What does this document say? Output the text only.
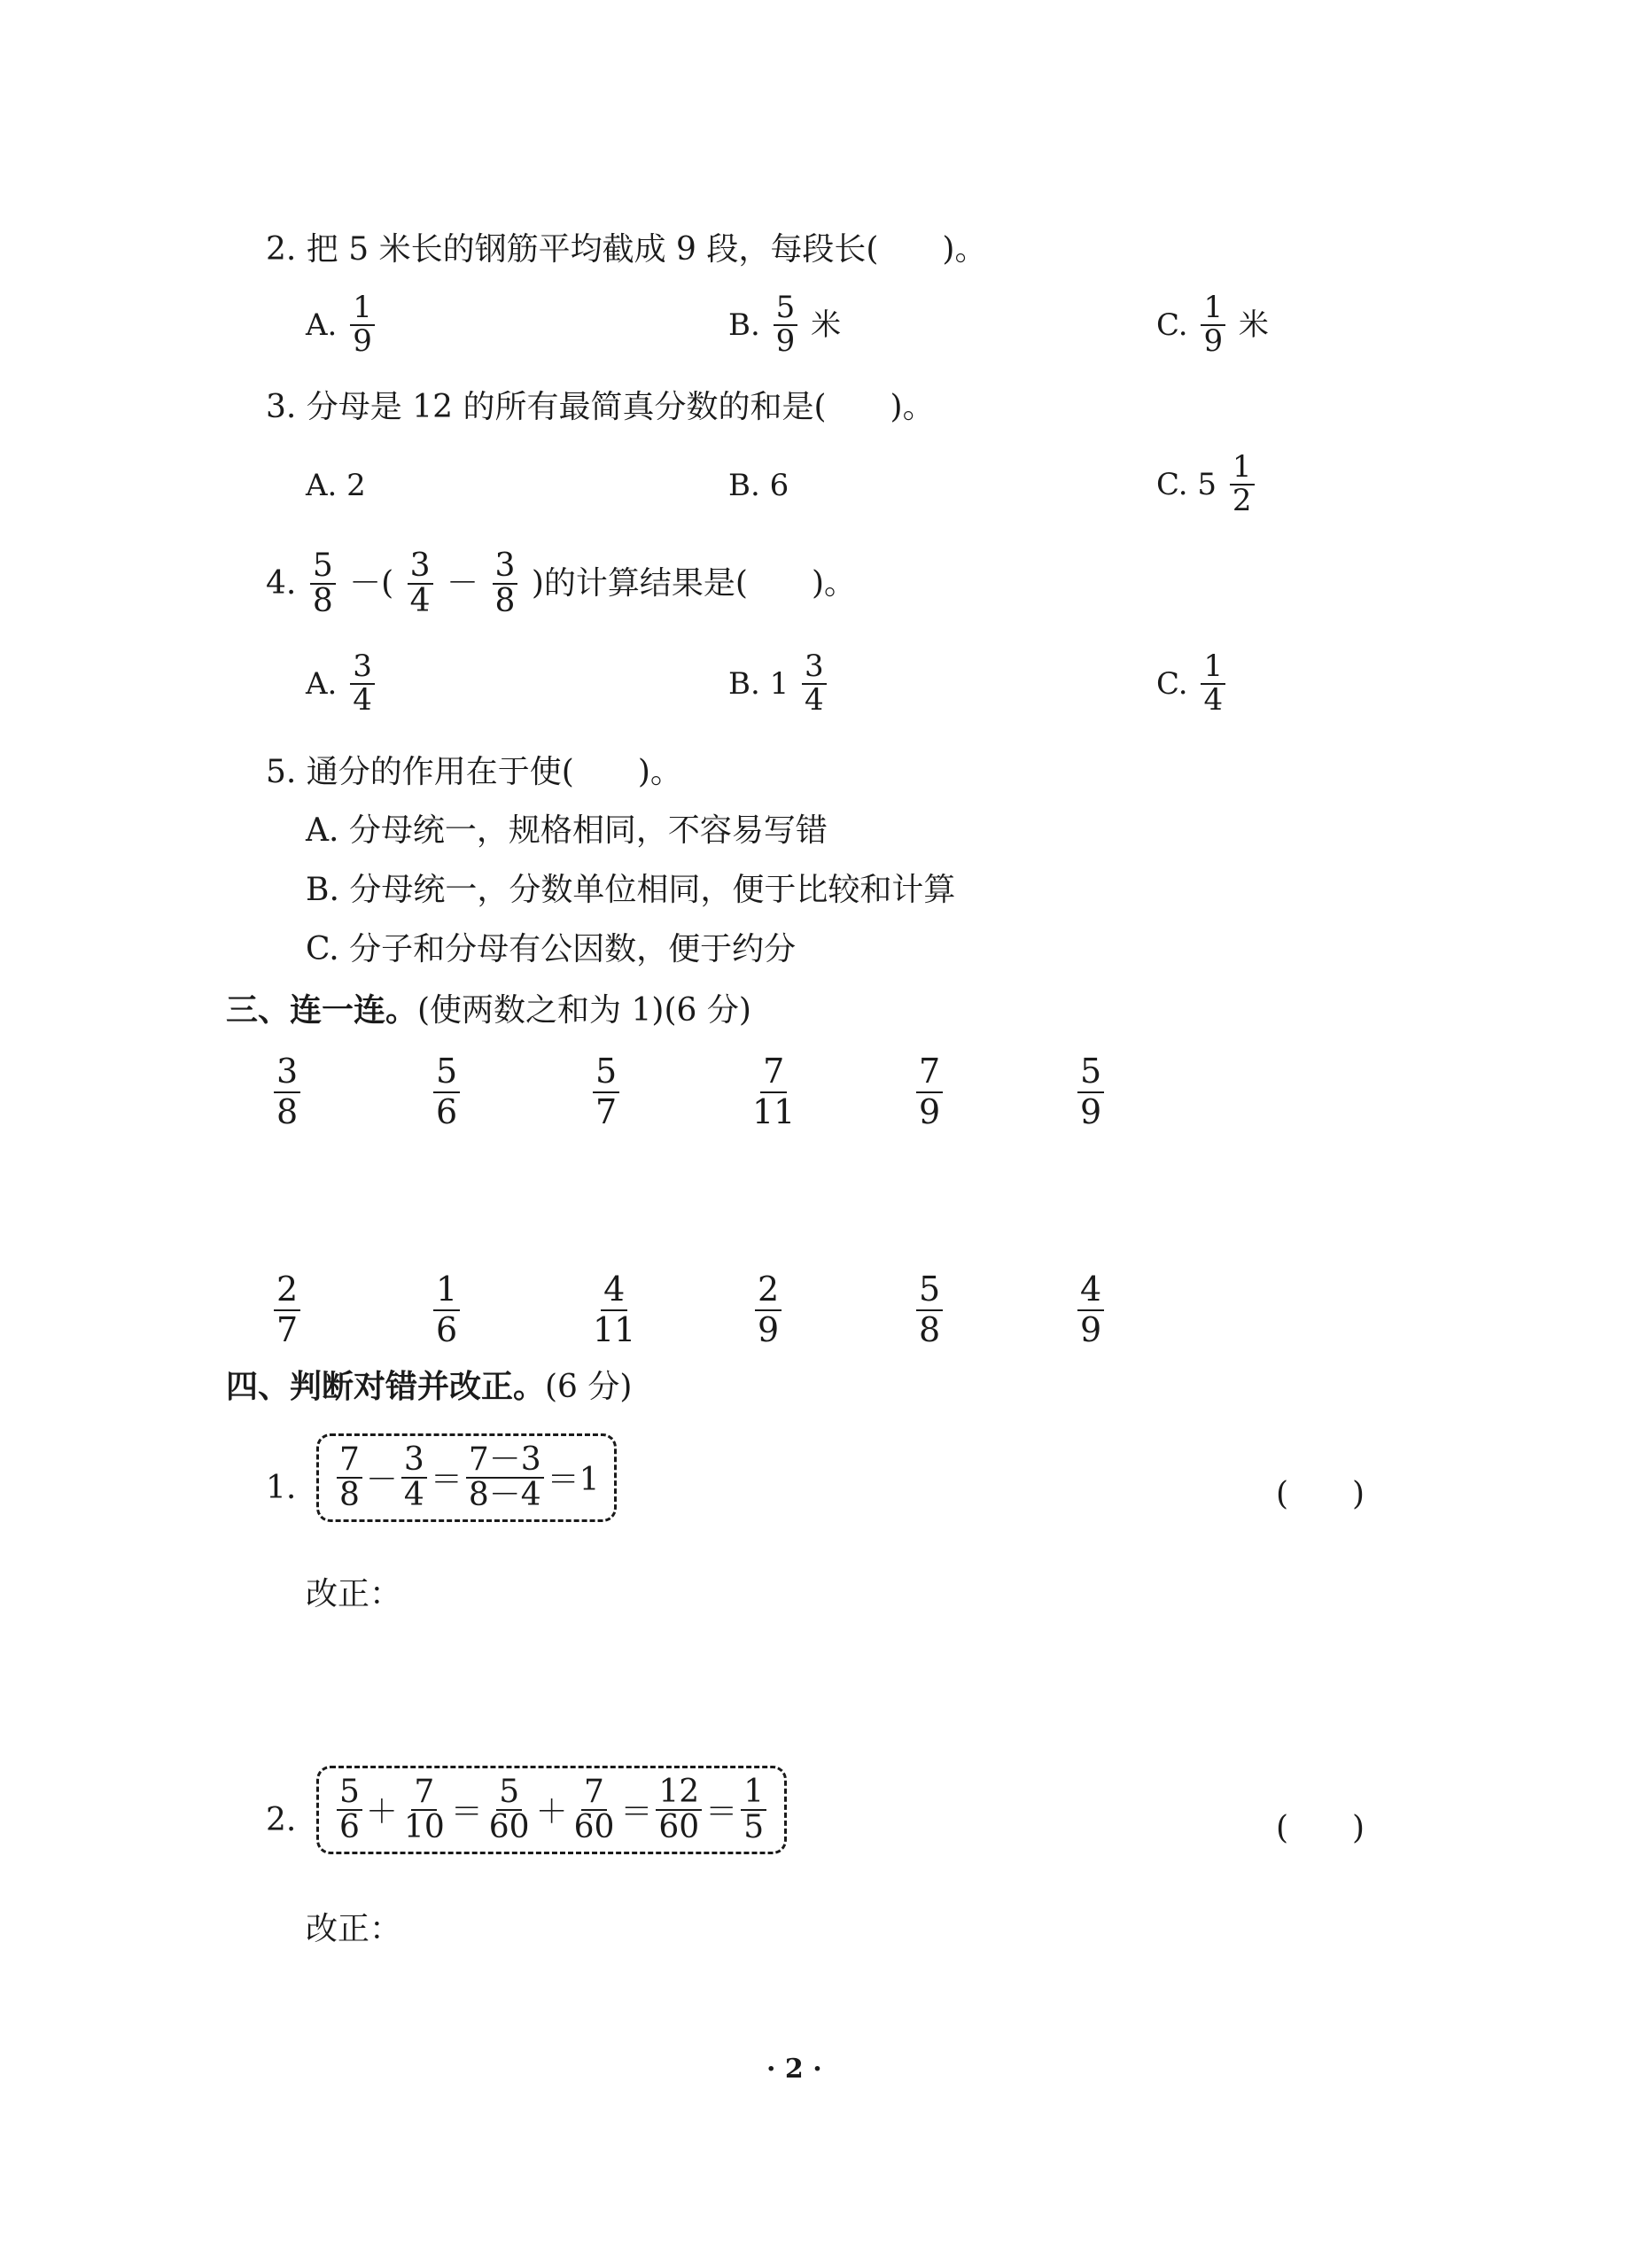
2. 把 5 米长的钢筋平均截成 9 段，每段长(　　)。
A. $\frac{1}{9}$	B. $\frac{5}{9}$ 米	C. $\frac{1}{9}$ 米
3. 分母是 12 的所有最简真分数的和是(　　)。
A. 2	B. 6	C. $5 \frac{1}{2}$
4. $\frac{5}{8}$ －( $\frac{3}{4} - \frac{3}{8}$ )的计算结果是(　　)。
A. $\frac{3}{4}$	B. $1 \frac{3}{4}$	C. $\frac{1}{4}$
5. 通分的作用在于使(　　)。
A. 分母统一，规格相同，不容易写错
B. 分母统一，分数单位相同，便于比较和计算
C. 分子和分母有公因数，便于约分
三、连一连。(使两数之和为 1)(6 分)
$\frac{3}{8}$	$\frac{5}{6}$	$\frac{5}{7}$	$\frac{7}{11}$	$\frac{7}{9}$	$\frac{5}{9}$
$\frac{2}{7}$	$\frac{1}{6}$	$\frac{4}{11}$	$\frac{2}{9}$	$\frac{5}{8}$	$\frac{4}{9}$
四、判断对错并改正。(6 分)
1. $\frac{7}{8} - \frac{3}{4} = \frac{7-3}{8-4} =1$	(　　)
改正：
2. $\frac{5}{6} + \frac{7}{10} = \frac{5}{60} + \frac{7}{60} = \frac{12}{60} = \frac{1}{5}$	(　　)
改正：
· 2 ·
